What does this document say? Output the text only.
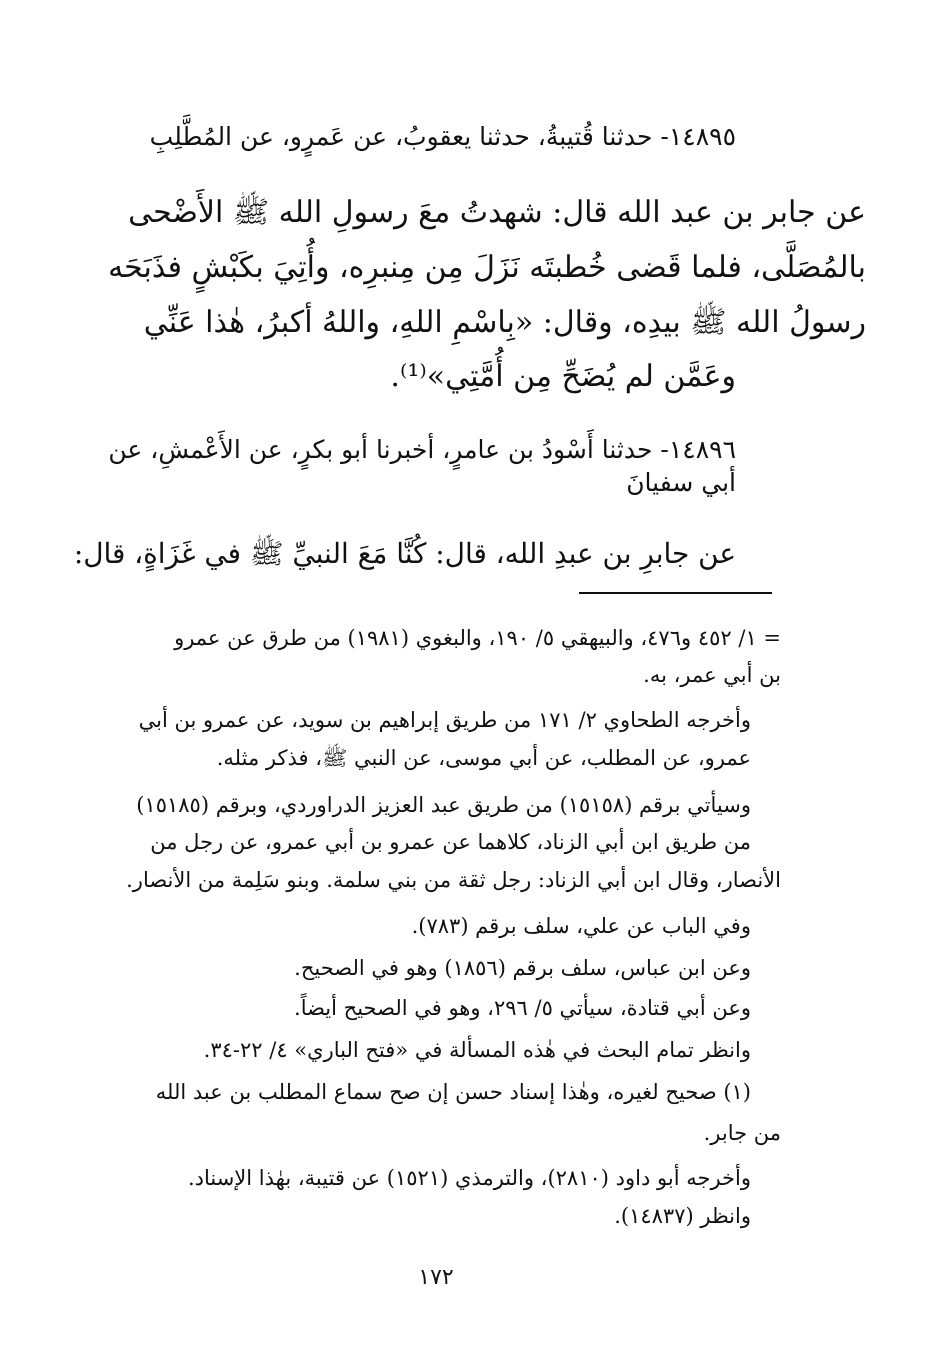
١٤٨٩٥- حدثنا قُتيبةُ، حدثنا يعقوبُ، عن عَمرٍو، عن المُطَّلِبِ
عن جابر بن عبد الله قال: شهدتُ معَ رسولِ الله ﷺ الأَضْحى
بالمُصَلَّى، فلما قَضى خُطبتَه نَزَلَ مِن مِنبرِه، وأُتِيَ بكَبْشٍ فذَبَحَه
رسولُ الله ﷺ بيدِه، وقال: «بِاسْمِ اللهِ، واللهُ أكبرُ، هٰذا عَنِّي
وعَمَّن لم يُضَحِّ مِن أُمَّتِي»⁽¹⁾.
١٤٨٩٦- حدثنا أَسْودُ بن عامرٍ، أخبرنا أبو بكرٍ، عن الأَعْمشِ، عن
أبي سفيانَ
عن جابرِ بن عبدِ الله، قال: كُنَّا مَعَ النبيِّ ﷺ في غَزَاةٍ، قال:
= ١/ ٤٥٢ و٤٧٦، والبيهقي ٥/ ١٩٠، والبغوي (١٩٨١) من طرق عن عمرو
بن أبي عمر، به.
وأخرجه الطحاوي ٢/ ١٧١ من طريق إبراهيم بن سويد، عن عمرو بن أبي
عمرو، عن المطلب، عن أبي موسى، عن النبي ﷺ، فذكر مثله.
وسيأتي برقم (١٥١٥٨) من طريق عبد العزيز الدراوردي، وبرقم (١٥١٨٥)
من طريق ابن أبي الزناد، كلاهما عن عمرو بن أبي عمرو، عن رجل من
الأنصار، وقال ابن أبي الزناد: رجل ثقة من بني سلمة. وبنو سَلِمة من الأنصار.
وفي الباب عن علي، سلف برقم (٧٨٣).
وعن ابن عباس، سلف برقم (١٨٥٦) وهو في الصحيح.
وعن أبي قتادة، سيأتي ٥/ ٢٩٦، وهو في الصحيح أيضاً.
وانظر تمام البحث في هٰذه المسألة في «فتح الباري» ٤/ ٢٢-٣٤.
(١) صحيح لغيره، وهٰذا إسناد حسن إن صح سماع المطلب بن عبد الله
من جابر.
وأخرجه أبو داود (٢٨١٠)، والترمذي (١٥٢١) عن قتيبة، بهٰذا الإسناد.
وانظر (١٤٨٣٧).
١٧٢
